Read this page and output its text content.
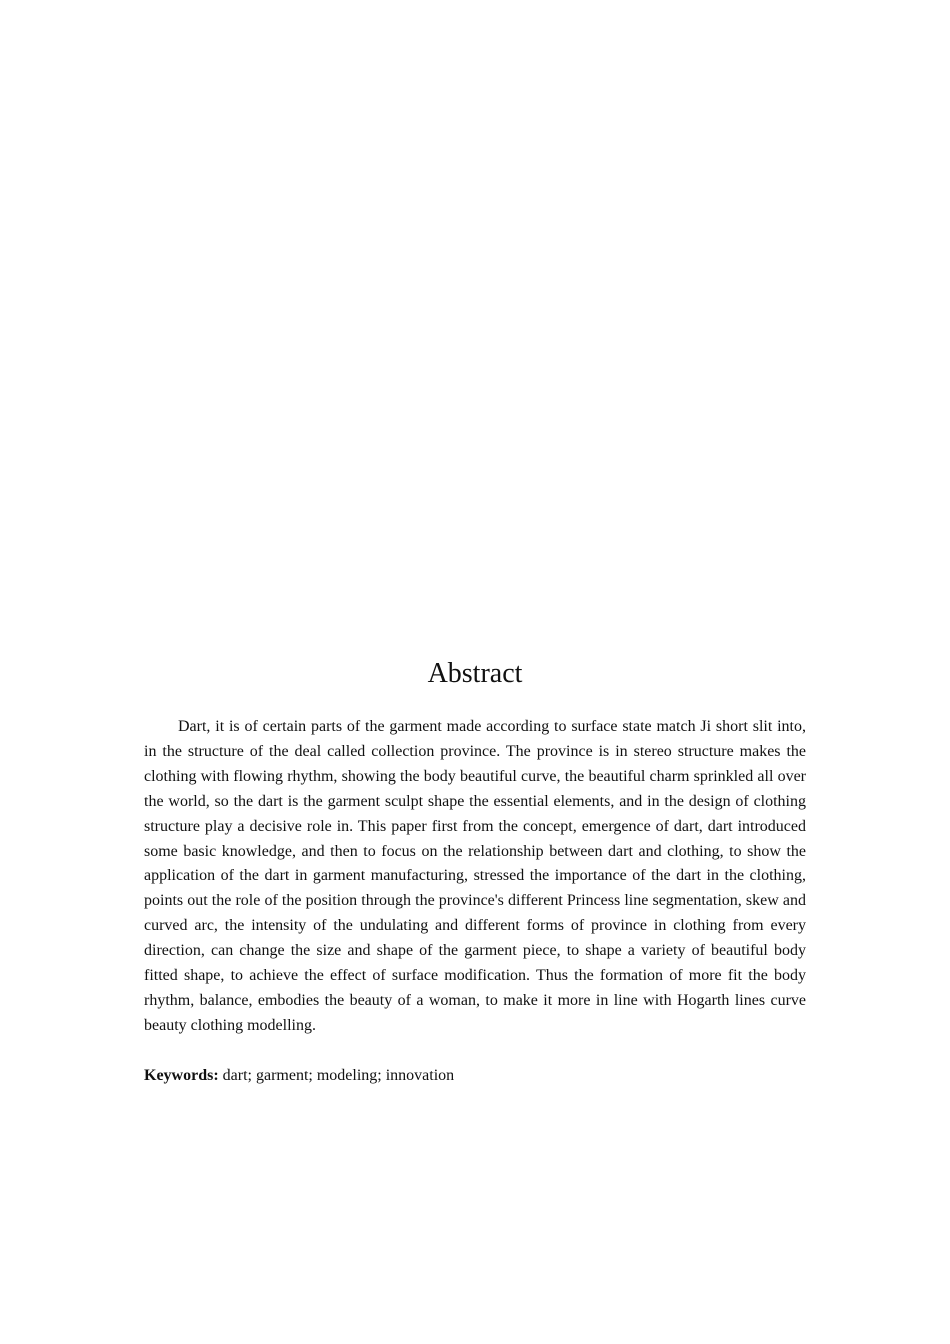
Abstract

Dart, it is of certain parts of the garment made according to surface state match Ji short slit into, in the structure of the deal called collection province. The province is in stereo structure makes the clothing with flowing rhythm, showing the body beautiful curve, the beautiful charm sprinkled all over the world, so the dart is the garment sculpt shape the essential elements, and in the design of clothing structure play a decisive role in. This paper first from the concept, emergence of dart, dart introduced some basic knowledge, and then to focus on the relationship between dart and clothing, to show the application of the dart in garment manufacturing, stressed the importance of the dart in the clothing, points out the role of the position through the province's different Princess line segmentation, skew and curved arc, the intensity of the undulating and different forms of province in clothing from every direction, can change the size and shape of the garment piece, to shape a variety of beautiful body fitted shape, to achieve the effect of surface modification. Thus the formation of more fit the body rhythm, balance, embodies the beauty of a woman, to make it more in line with Hogarth lines curve beauty clothing modelling.

Keywords: dart; garment; modeling; innovation
